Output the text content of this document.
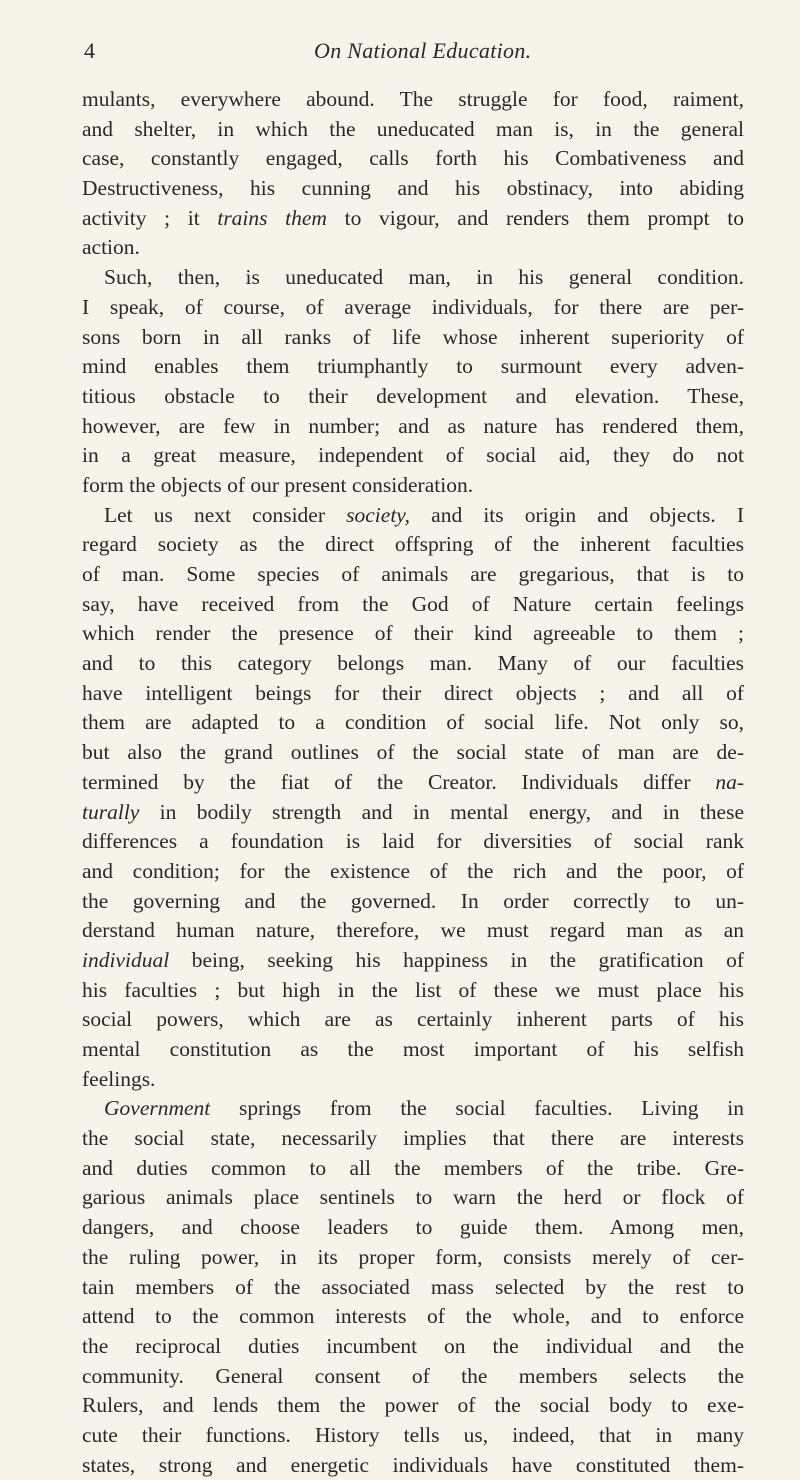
4	On National Education.
mulants, everywhere abound. The struggle for food, raiment,
and shelter, in which the uneducated man is, in the general
case, constantly engaged, calls forth his Combativeness and
Destructiveness, his cunning and his obstinacy, into abiding
activity ; it trains them to vigour, and renders them prompt to
action.
Such, then, is uneducated man, in his general condition.
I speak, of course, of average individuals, for there are per-
sons born in all ranks of life whose inherent superiority of
mind enables them triumphantly to surmount every adven-
titious obstacle to their development and elevation. These,
however, are few in number; and as nature has rendered them,
in a great measure, independent of social aid, they do not
form the objects of our present consideration.
Let us next consider society, and its origin and objects. I
regard society as the direct offspring of the inherent faculties
of man. Some species of animals are gregarious, that is to
say, have received from the God of Nature certain feelings
which render the presence of their kind agreeable to them ;
and to this category belongs man. Many of our faculties
have intelligent beings for their direct objects ; and all of
them are adapted to a condition of social life. Not only so,
but also the grand outlines of the social state of man are de-
termined by the fiat of the Creator. Individuals differ na-
turally in bodily strength and in mental energy, and in these
differences a foundation is laid for diversities of social rank
and condition; for the existence of the rich and the poor, of
the governing and the governed. In order correctly to un-
derstand human nature, therefore, we must regard man as an
individual being, seeking his happiness in the gratification of
his faculties ; but high in the list of these we must place his
social powers, which are as certainly inherent parts of his
mental constitution as the most important of his selfish
feelings.
Government springs from the social faculties. Living in
the social state, necessarily implies that there are interests
and duties common to all the members of the tribe. Gre-
garious animals place sentinels to warn the herd or flock of
dangers, and choose leaders to guide them. Among men,
the ruling power, in its proper form, consists merely of cer-
tain members of the associated mass selected by the rest to
attend to the common interests of the whole, and to enforce
the reciprocal duties incumbent on the individual and the
community. General consent of the members selects the
Rulers, and lends them the power of the social body to exe-
cute their functions. History tells us, indeed, that in many
states, strong and energetic individuals have constituted them-
